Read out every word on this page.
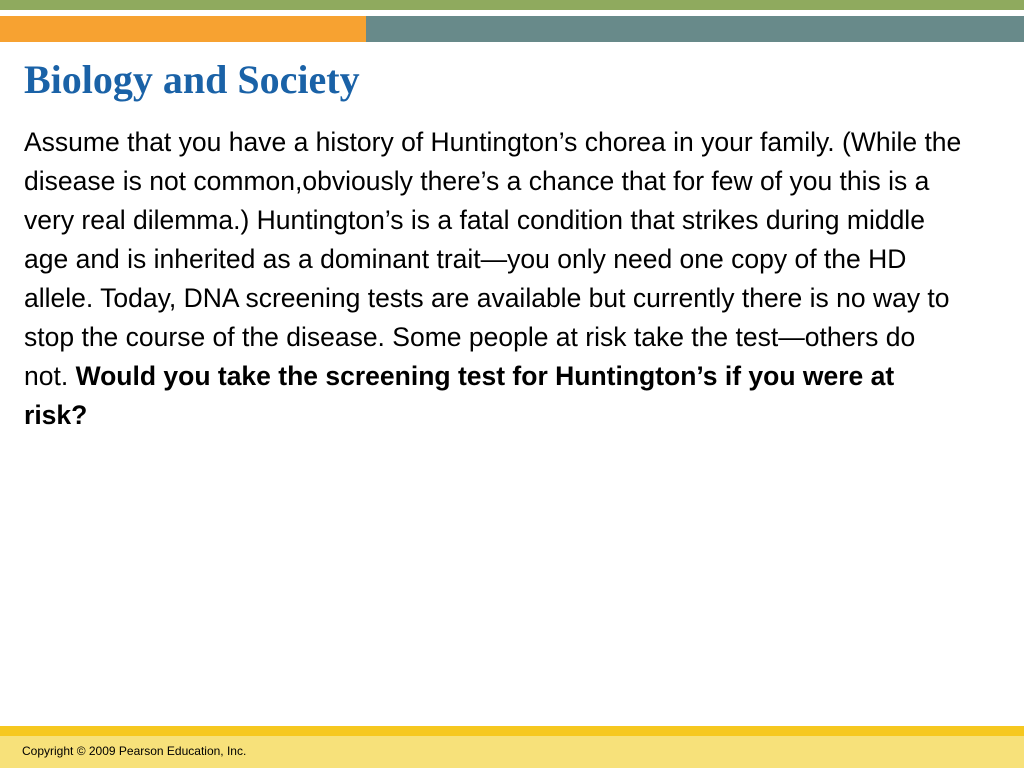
Biology and Society

Assume that you have a history of Huntington’s chorea in your family. (While the disease is not common,obviously there’s a chance that for few of you this is a very real dilemma.) Huntington’s is a fatal condition that strikes during middle age and is inherited as a dominant trait—you only need one copy of the HD allele. Today, DNA screening tests are available but currently there is no way to stop the course of the disease. Some people at risk take the test—others do not. Would you take the screening test for Huntington’s if you were at risk?

Copyright © 2009 Pearson Education, Inc.
